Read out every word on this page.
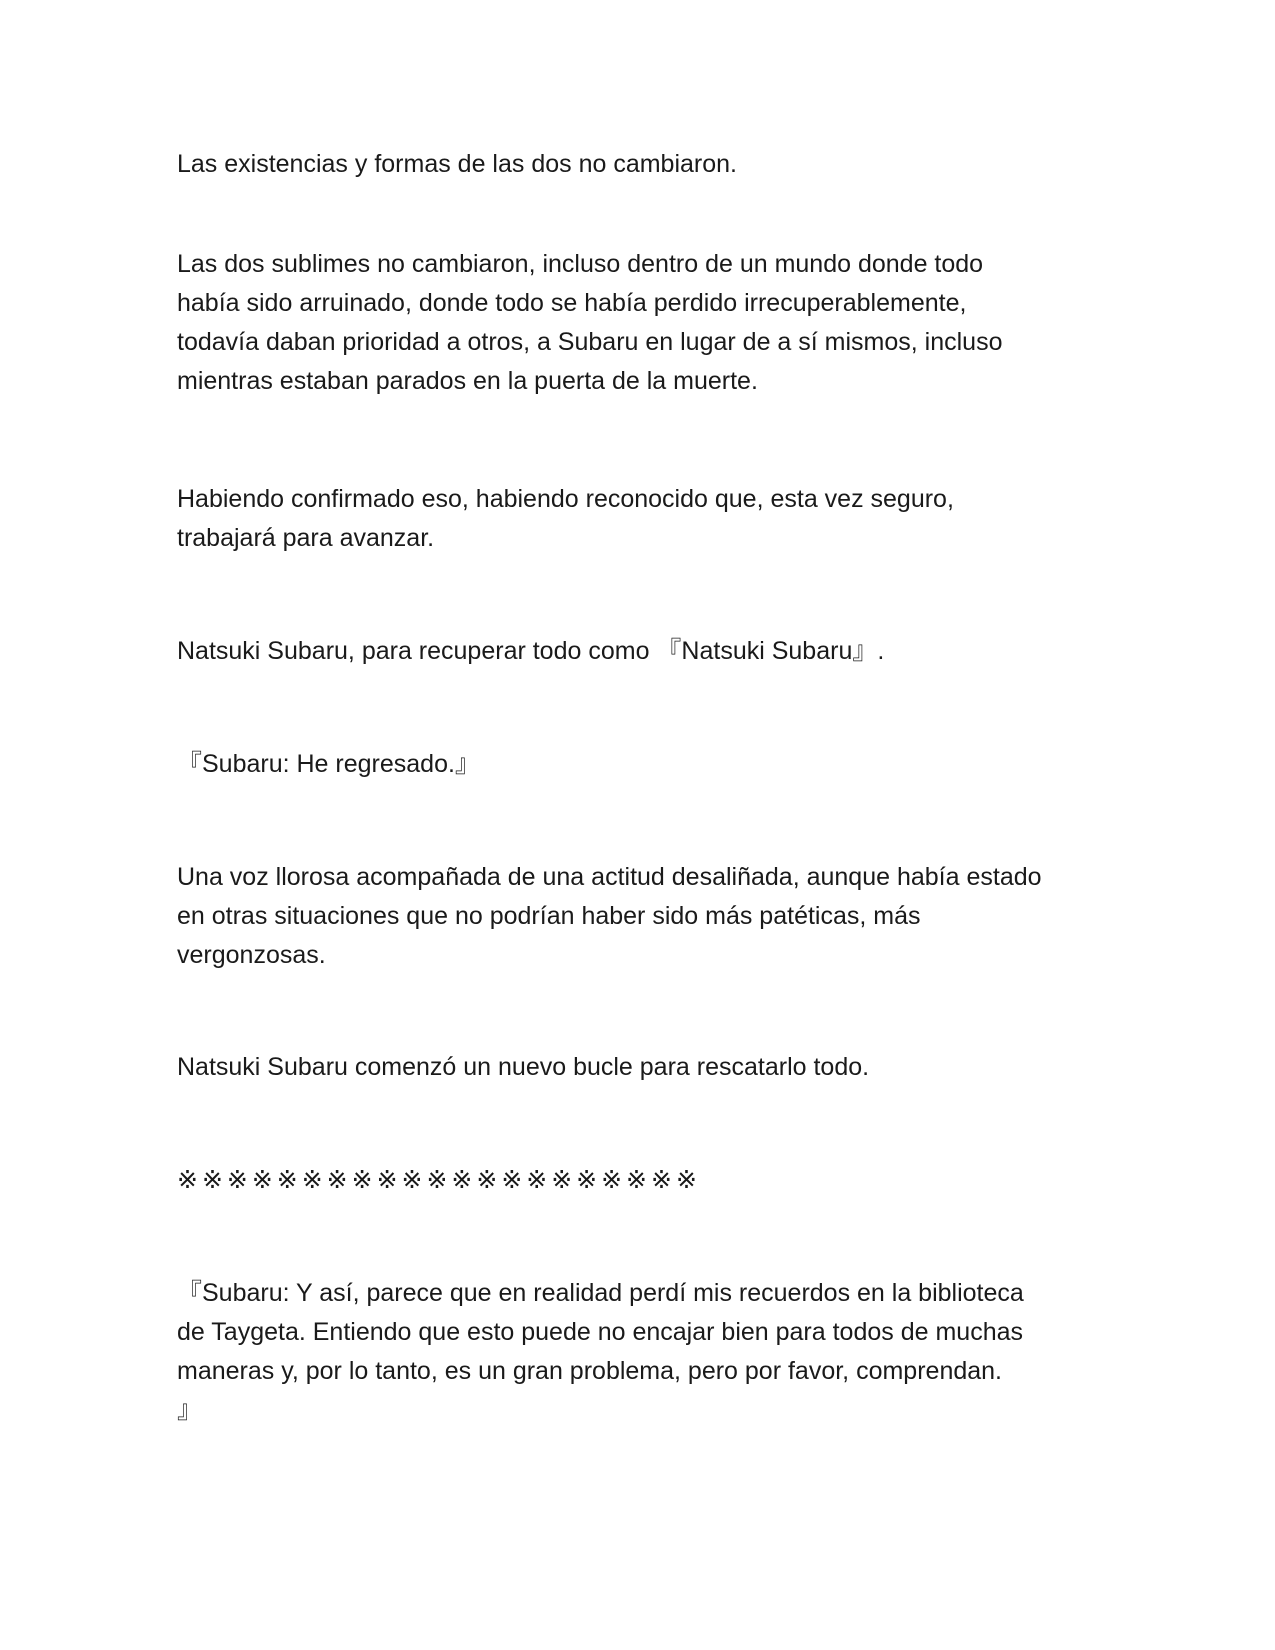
Las existencias y formas de las dos no cambiaron.

Las dos sublimes no cambiaron, incluso dentro de un mundo donde todo
había sido arruinado, donde todo se había perdido irrecuperablemente,
todavía daban prioridad a otros, a Subaru en lugar de a sí mismos, incluso
mientras estaban parados en la puerta de la muerte.

Habiendo confirmado eso, habiendo reconocido que, esta vez seguro,
trabajará para avanzar.

Natsuki Subaru, para recuperar todo como 『Natsuki Subaru』.

『Subaru: He regresado.』

Una voz llorosa acompañada de una actitud desaliñada, aunque había estado
en otras situaciones que no podrían haber sido más patéticas, más
vergonzosas.

Natsuki Subaru comenzó un nuevo bucle para rescatarlo todo.

※※※※※※※※※※※※※※※※※※※※※

『Subaru: Y así, parece que en realidad perdí mis recuerdos en la biblioteca
de Taygeta. Entiendo que esto puede no encajar bien para todos de muchas
maneras y, por lo tanto, es un gran problema, pero por favor, comprendan.
』
